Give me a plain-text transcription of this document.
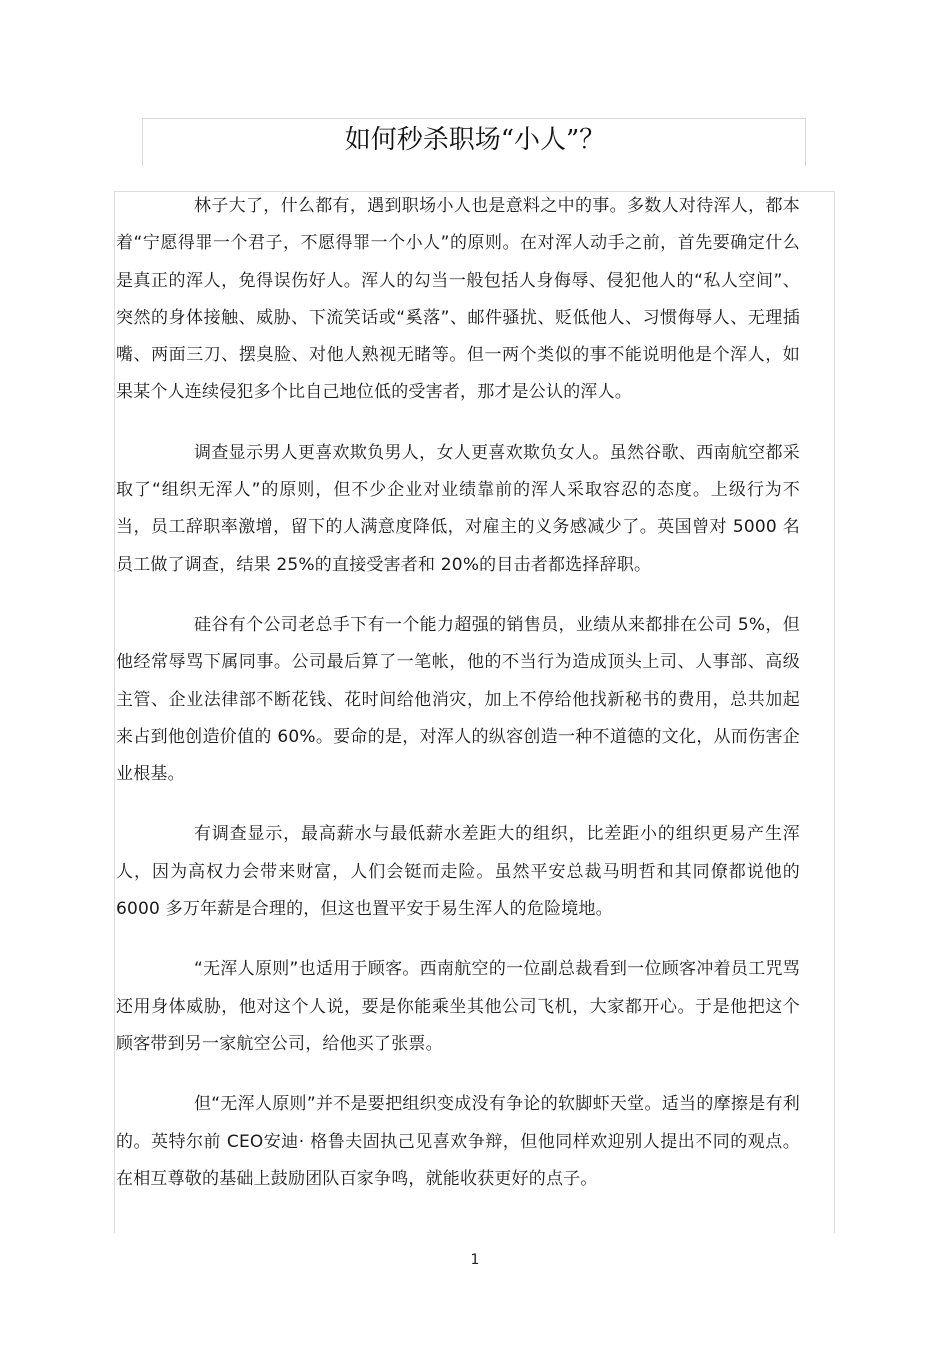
如何秒杀职场“小人”？

林子大了，什么都有，遇到职场小人也是意料之中的事。多数人对待浑人，都本着“宁愿得罪一个君子，不愿得罪一个小人”的原则。在对浑人动手之前，首先要确定什么是真正的浑人，免得误伤好人。浑人的勾当一般包括人身侮辱、侵犯他人的“私人空间”、突然的身体接触、威胁、下流笑话或“奚落”、邮件骚扰、贬低他人、习惯侮辱人、无理插嘴、两面三刀、摆臭脸、对他人熟视无睹等。但一两个类似的事不能说明他是个浑人，如果某个人连续侵犯多个比自己地位低的受害者，那才是公认的浑人。

调查显示男人更喜欢欺负男人，女人更喜欢欺负女人。虽然谷歌、西南航空都采取了“组织无浑人”的原则，但不少企业对业绩靠前的浑人采取容忍的态度。上级行为不当，员工辞职率激增，留下的人满意度降低，对雇主的义务感减少了。英国曾对 5000 名员工做了调查，结果 25%的直接受害者和 20%的目击者都选择辞职。

硅谷有个公司老总手下有一个能力超强的销售员，业绩从来都排在公司 5%，但他经常辱骂下属同事。公司最后算了一笔帐，他的不当行为造成顶头上司、人事部、高级主管、企业法律部不断花钱、花时间给他消灾，加上不停给他找新秘书的费用，总共加起来占到他创造价值的 60%。要命的是，对浑人的纵容创造一种不道德的文化，从而伤害企业根基。

有调查显示，最高薪水与最低薪水差距大的组织，比差距小的组织更易产生浑人，因为高权力会带来财富，人们会铤而走险。虽然平安总裁马明哲和其同僚都说他的 6000 多万年薪是合理的，但这也置平安于易生浑人的危险境地。

“无浑人原则”也适用于顾客。西南航空的一位副总裁看到一位顾客冲着员工咒骂还用身体威胁，他对这个人说，要是你能乘坐其他公司飞机，大家都开心。于是他把这个顾客带到另一家航空公司，给他买了张票。

但“无浑人原则”并不是要把组织变成没有争论的软脚虾天堂。适当的摩擦是有利的。英特尔前 CEO安迪· 格鲁夫固执己见喜欢争辩，但他同样欢迎别人提出不同的观点。在相互尊敬的基础上鼓励团队百家争鸣，就能收获更好的点子。

1
